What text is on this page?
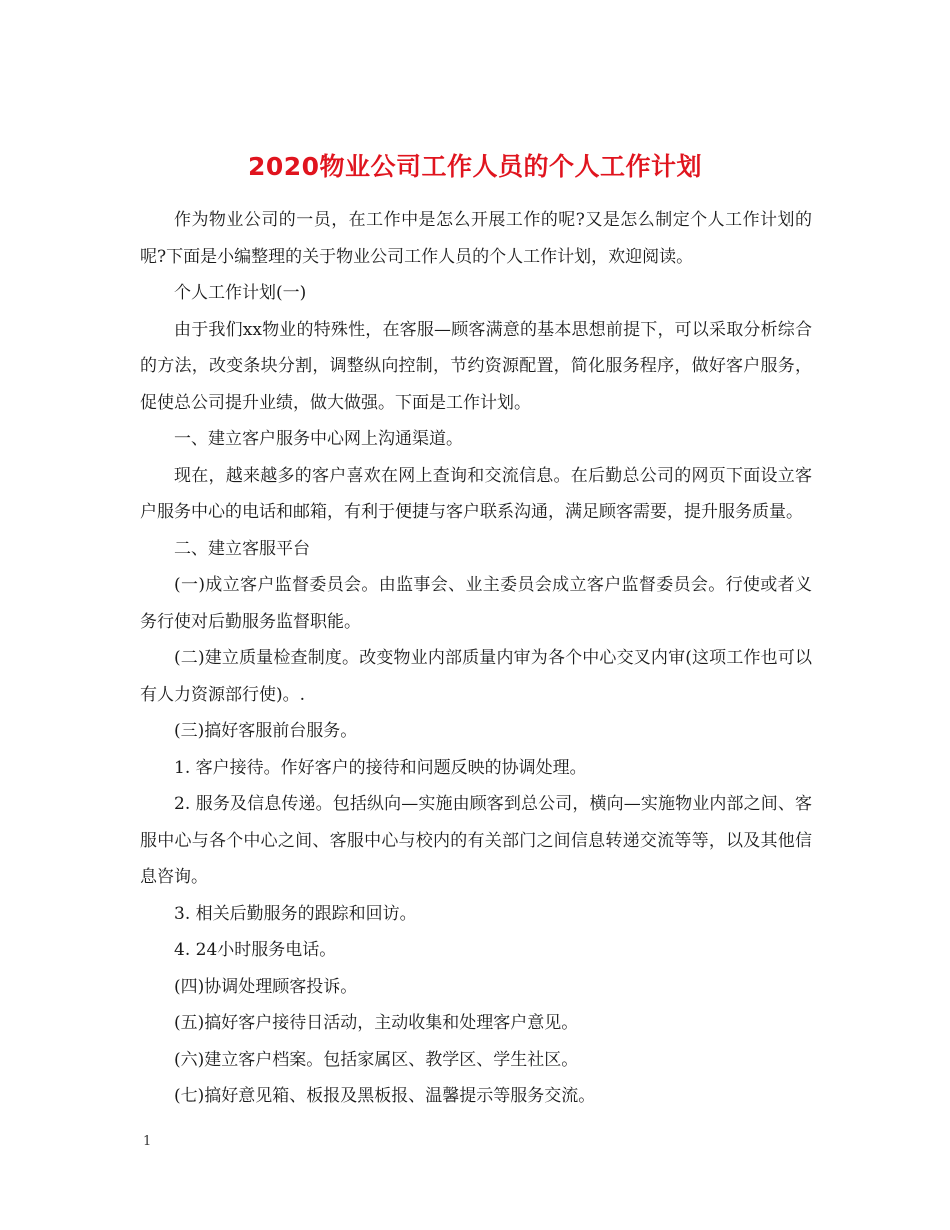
2020物业公司工作人员的个人工作计划

作为物业公司的一员，在工作中是怎么开展工作的呢?又是怎么制定个人工作计划的呢?下面是小编整理的关于物业公司工作人员的个人工作计划，欢迎阅读。

个人工作计划(一)

由于我们xx物业的特殊性，在客服—顾客满意的基本思想前提下，可以采取分析综合的方法，改变条块分割，调整纵向控制，节约资源配置，简化服务程序，做好客户服务，促使总公司提升业绩，做大做强。下面是工作计划。

一、建立客户服务中心网上沟通渠道。

现在，越来越多的客户喜欢在网上查询和交流信息。在后勤总公司的网页下面设立客户服务中心的电话和邮箱，有利于便捷与客户联系沟通，满足顾客需要，提升服务质量。

二、建立客服平台

(一)成立客户监督委员会。由监事会、业主委员会成立客户监督委员会。行使或者义务行使对后勤服务监督职能。

(二)建立质量检查制度。改变物业内部质量内审为各个中心交叉内审(这项工作也可以有人力资源部行使)。.

(三)搞好客服前台服务。

1. 客户接待。作好客户的接待和问题反映的协调处理。

2. 服务及信息传递。包括纵向—实施由顾客到总公司，横向—实施物业内部之间、客服中心与各个中心之间、客服中心与校内的有关部门之间信息转递交流等等，以及其他信息咨询。

3. 相关后勤服务的跟踪和回访。

4. 24小时服务电话。

(四)协调处理顾客投诉。

(五)搞好客户接待日活动，主动收集和处理客户意见。

(六)建立客户档案。包括家属区、教学区、学生社区。

(七)搞好意见箱、板报及黑板报、温馨提示等服务交流。

1
